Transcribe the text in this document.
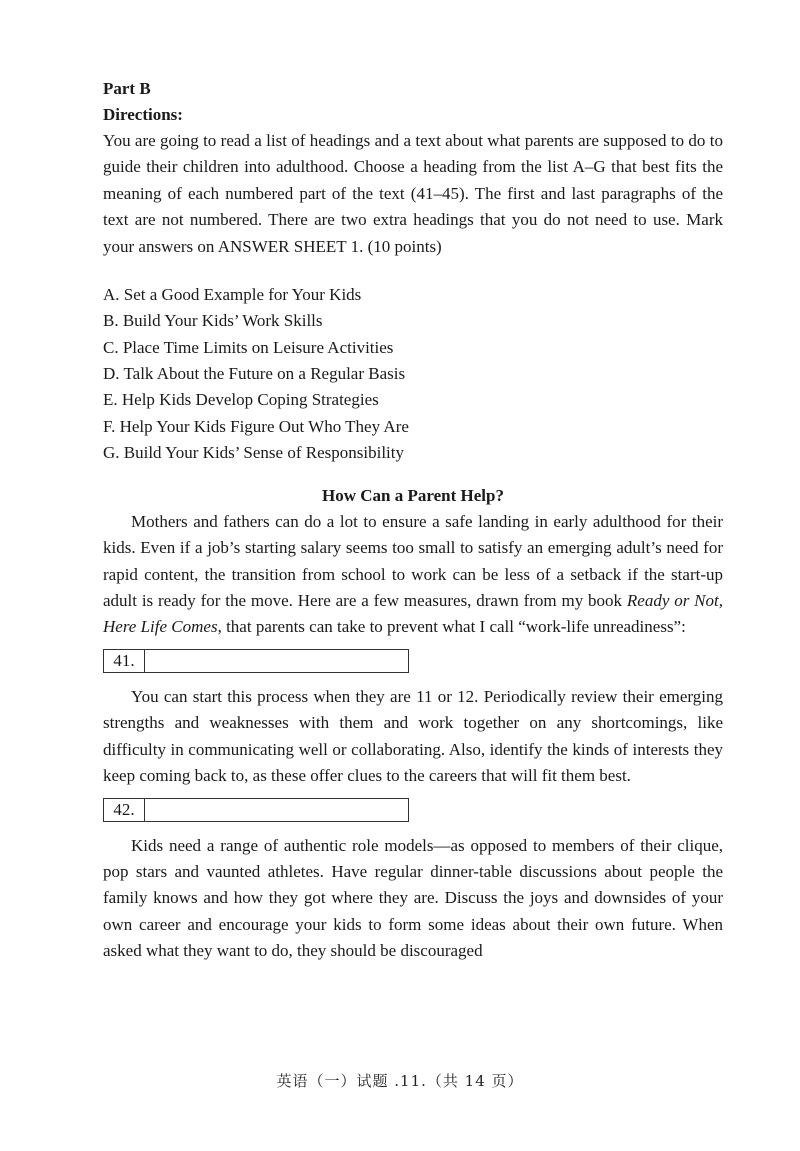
Part B

Directions:

You are going to read a list of headings and a text about what parents are supposed to do to guide their children into adulthood. Choose a heading from the list A–G that best fits the meaning of each numbered part of the text (41–45). The first and last paragraphs of the text are not numbered. There are two extra headings that you do not need to use. Mark your answers on ANSWER SHEET 1. (10 points)

A. Set a Good Example for Your Kids
B. Build Your Kids’ Work Skills
C. Place Time Limits on Leisure Activities
D. Talk About the Future on a Regular Basis
E. Help Kids Develop Coping Strategies
F. Help Your Kids Figure Out Who They Are
G. Build Your Kids’ Sense of Responsibility

How Can a Parent Help?

Mothers and fathers can do a lot to ensure a safe landing in early adulthood for their kids. Even if a job’s starting salary seems too small to satisfy an emerging adult’s need for rapid content, the transition from school to work can be less of a setback if the start-up adult is ready for the move. Here are a few measures, drawn from my book Ready or Not, Here Life Comes, that parents can take to prevent what I call “work-life unreadiness”:

41.

You can start this process when they are 11 or 12. Periodically review their emerging strengths and weaknesses with them and work together on any shortcomings, like difficulty in communicating well or collaborating. Also, identify the kinds of interests they keep coming back to, as these offer clues to the careers that will fit them best.

42.

Kids need a range of authentic role models—as opposed to members of their clique, pop stars and vaunted athletes. Have regular dinner-table discussions about people the family knows and how they got where they are. Discuss the joys and downsides of your own career and encourage your kids to form some ideas about their own future. When asked what they want to do, they should be discouraged

英语（一）试题 .11.（共 14 页）
